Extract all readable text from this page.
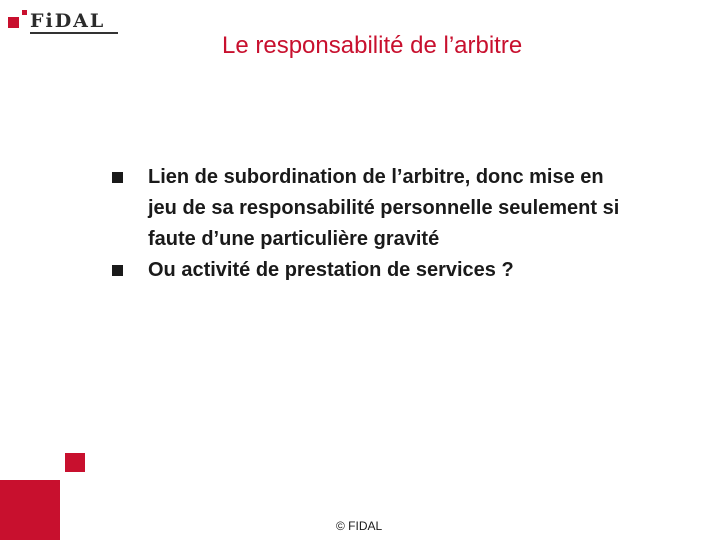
FiDAL
Le responsabilité de l’arbitre
Lien de subordination de l’arbitre, donc mise en jeu de sa responsabilité personnelle seulement si faute d’une particulière gravité
Ou activité de prestation de services ?
© FIDAL
